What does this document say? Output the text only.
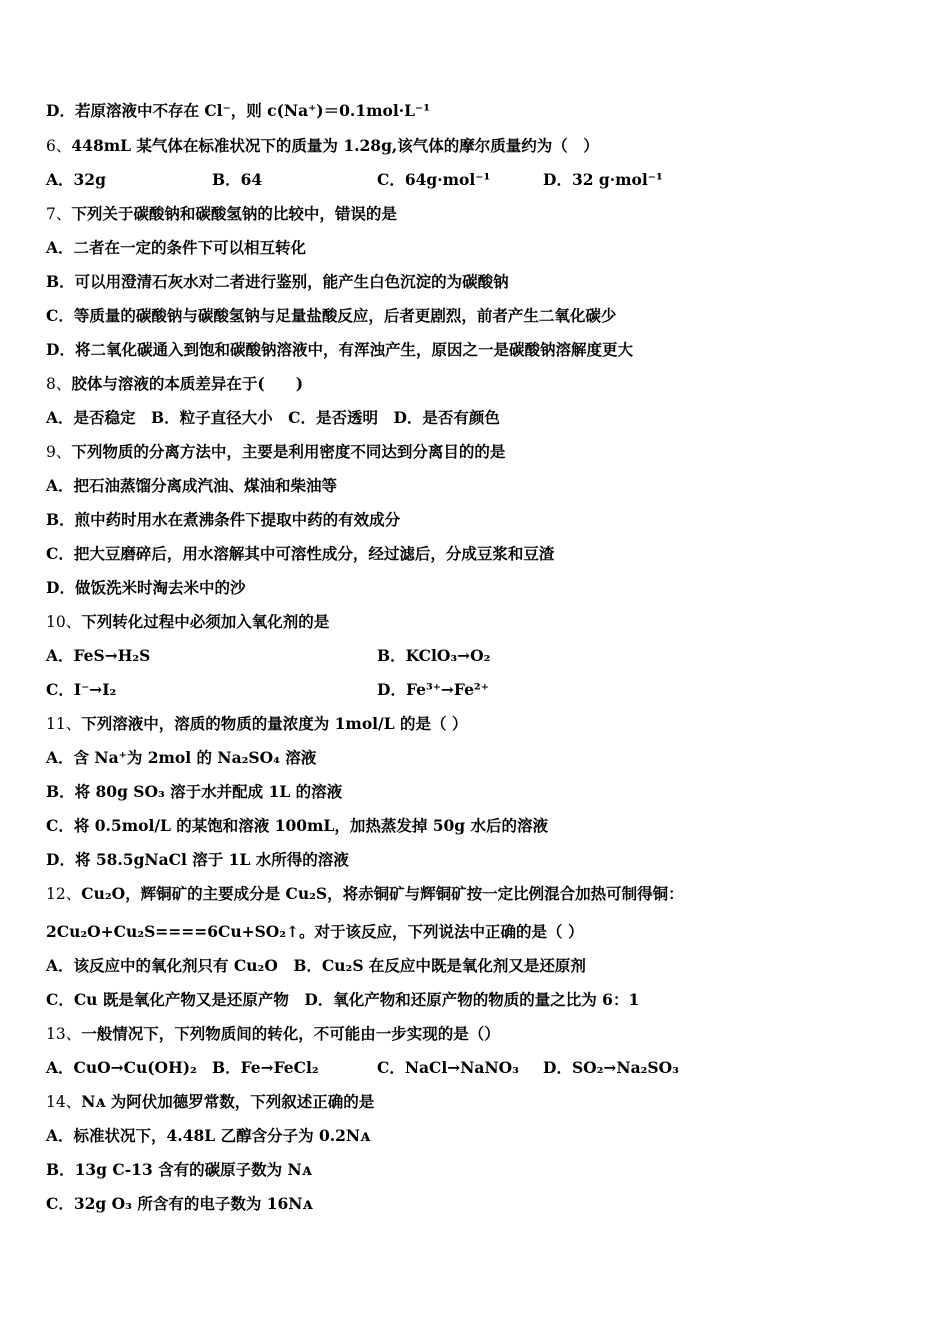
D．若原溶液中不存在 Cl⁻，则 c(Na⁺)＝0.1mol·L⁻¹
6、448mL 某气体在标准状况下的质量为 1.28g,该气体的摩尔质量约为（　）
A．32g	B．64	C．64g·mol⁻¹	D．32 g·mol⁻¹
7、下列关于碳酸钠和碳酸氢钠的比较中，错误的是
A．二者在一定的条件下可以相互转化
B．可以用澄清石灰水对二者进行鉴别，能产生白色沉淀的为碳酸钠
C．等质量的碳酸钠与碳酸氢钠与足量盐酸反应，后者更剧烈，前者产生二氧化碳少
D．将二氧化碳通入到饱和碳酸钠溶液中，有浑浊产生，原因之一是碳酸钠溶解度更大
8、胶体与溶液的本质差异在于(　　)
A．是否稳定　B．粒子直径大小　C．是否透明　D．是否有颜色
9、下列物质的分离方法中，主要是利用密度不同达到分离目的的是
A．把石油蒸馏分离成汽油、煤油和柴油等
B．煎中药时用水在煮沸条件下提取中药的有效成分
C．把大豆磨碎后，用水溶解其中可溶性成分，经过滤后，分成豆浆和豆渣
D．做饭洗米时淘去米中的沙
10、下列转化过程中必须加入氧化剂的是
A．FeS→H₂S	B．KClO₃→O₂
C．I⁻→I₂	D．Fe³⁺→Fe²⁺
11、下列溶液中，溶质的物质的量浓度为 1mol/L 的是（ ）
A．含 Na⁺为 2mol 的 Na₂SO₄ 溶液
B．将 80g SO₃ 溶于水并配成 1L 的溶液
C．将 0.5mol/L 的某饱和溶液 100mL，加热蒸发掉 50g 水后的溶液
D．将 58.5gNaCl 溶于 1L 水所得的溶液
12、Cu₂O，辉铜矿的主要成分是 Cu₂S，将赤铜矿与辉铜矿按一定比例混合加热可制得铜：
2Cu₂O+Cu₂S====6Cu+SO₂↑。对于该反应，下列说法中正确的是（ ）
A．该反应中的氧化剂只有 Cu₂O　B．Cu₂S 在反应中既是氧化剂又是还原剂
C．Cu 既是氧化产物又是还原产物　D．氧化产物和还原产物的物质的量之比为 6：1
13、一般情况下，下列物质间的转化，不可能由一步实现的是（）
A．CuO→Cu(OH)₂ B．Fe→FeCl₂	C．NaCl→NaNO₃ D．SO₂→Na₂SO₃
14、Nᴀ 为阿伏加德罗常数，下列叙述正确的是
A．标准状况下，4.48L 乙醇含分子为 0.2Nᴀ
B．13g C-13 含有的碳原子数为 Nᴀ
C．32g O₃ 所含有的电子数为 16Nᴀ
